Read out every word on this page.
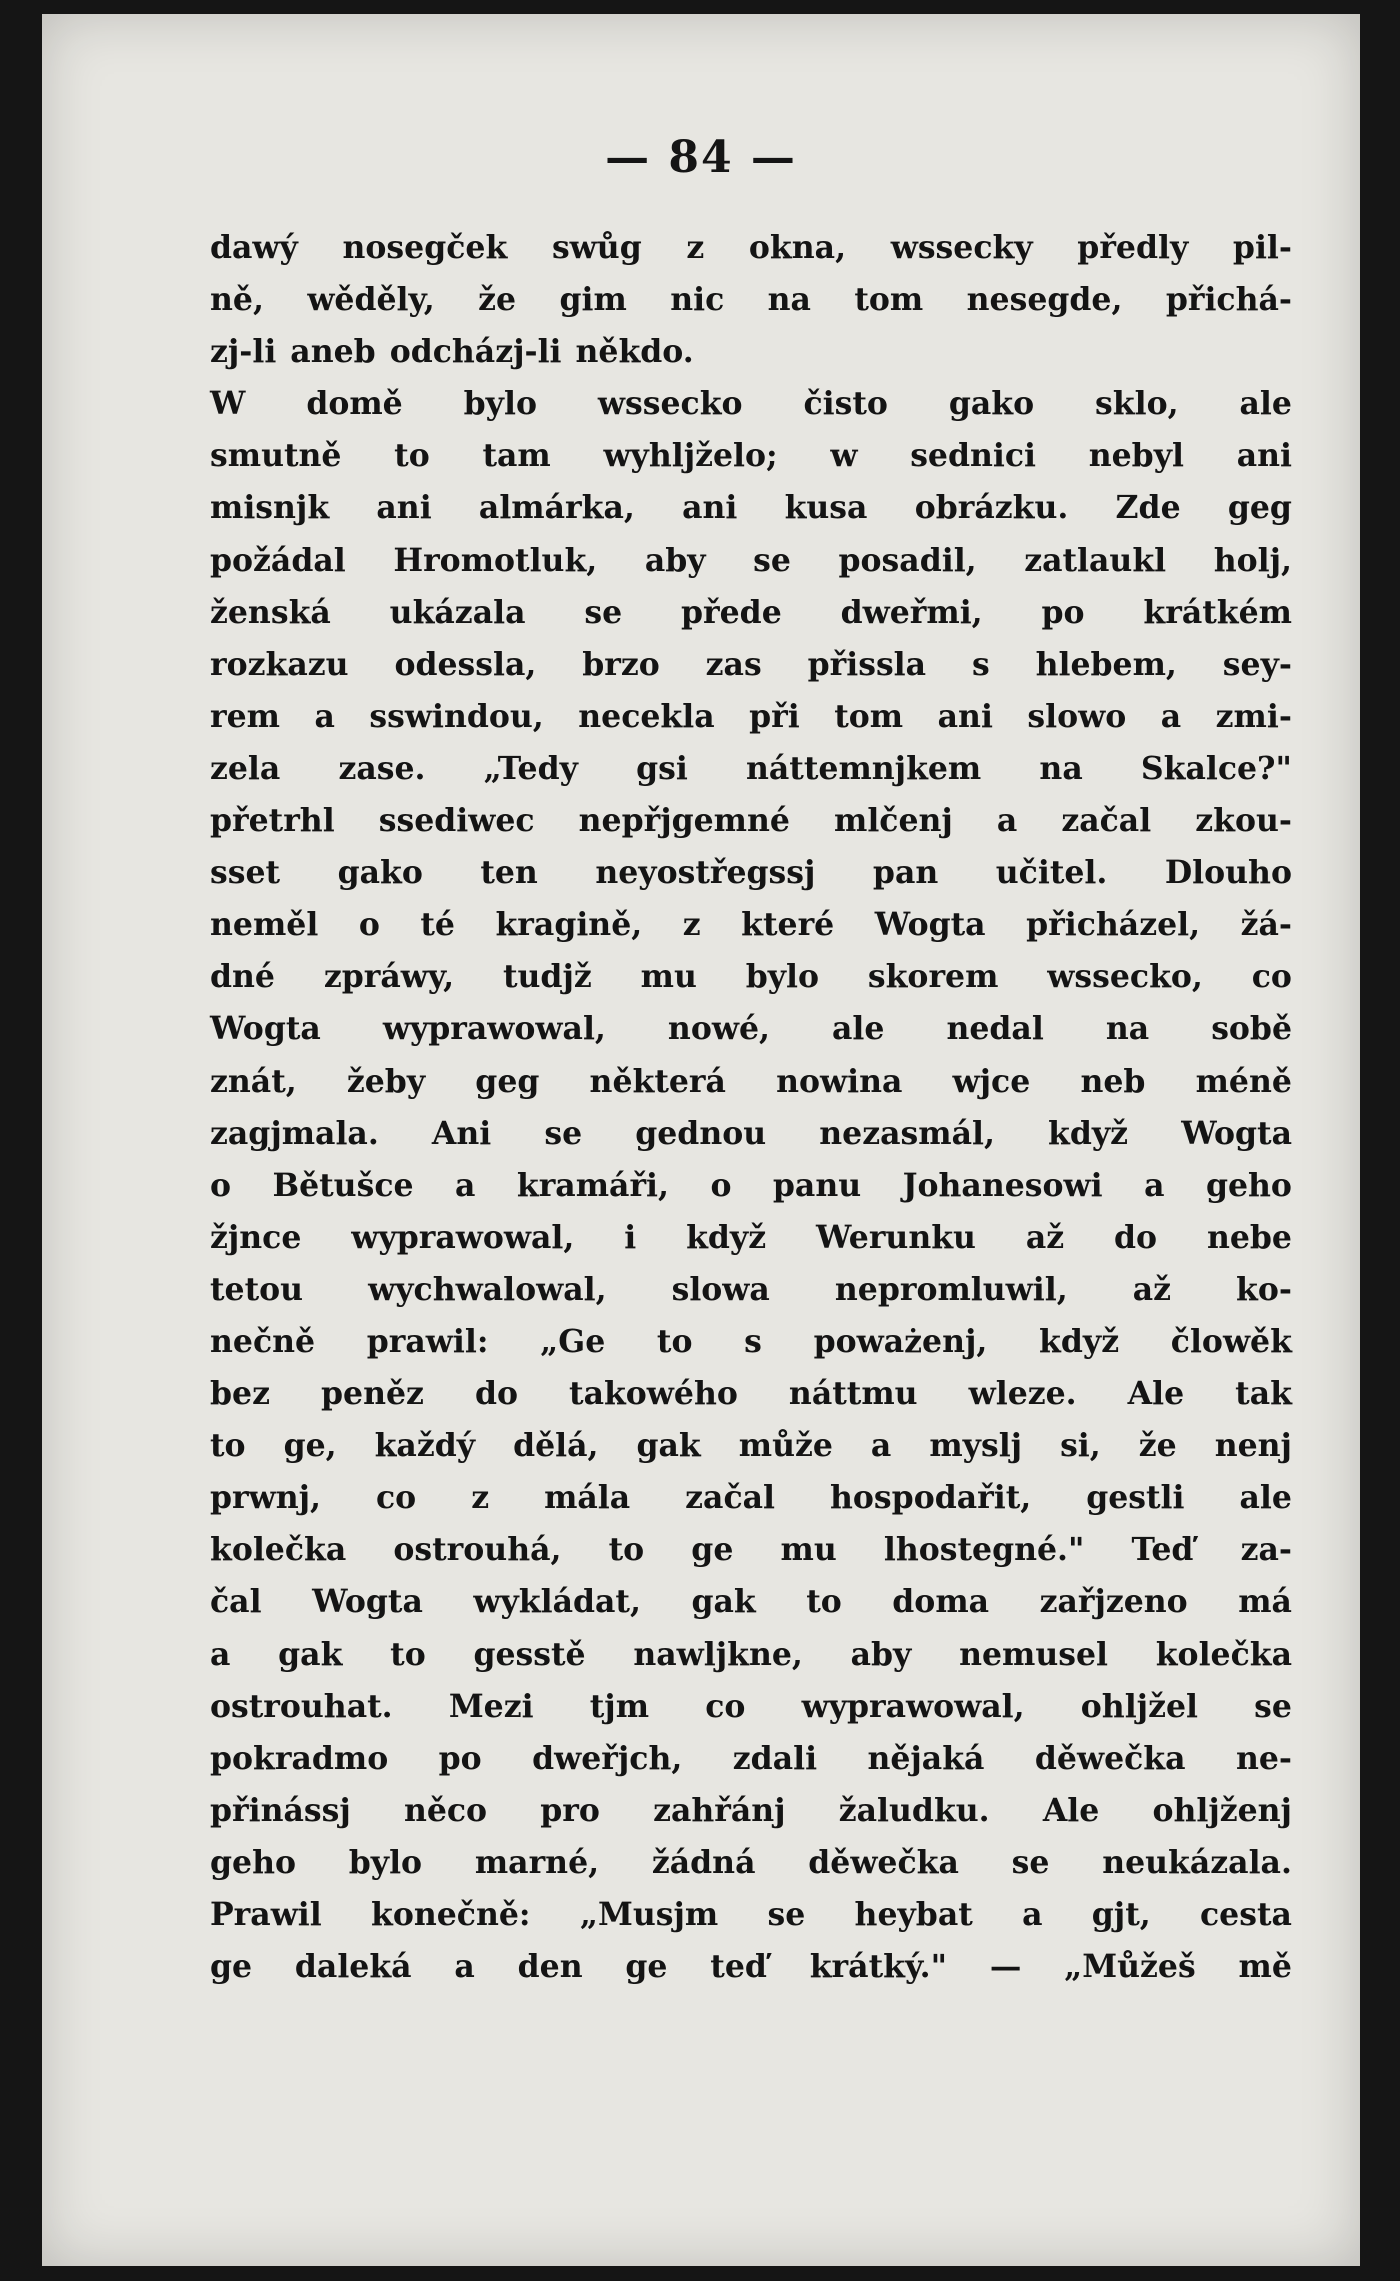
— 84 —
dawý nosegček swůg z okna, wssecky předly pil-
ně, wěděly, že gim nic na tom nesegde, přichá-
zj-li aneb odcházj-li někdo.
W domě bylo wssecko čisto gako sklo, ale
smutně to tam wyhljželo; w sednici nebyl ani
misnjk ani almárka, ani kusa obrázku. Zde geg
požádal Hromotluk, aby se posadil, zatlaukl holj,
ženská ukázala se přede dweřmi, po krátkém
rozkazu odessla, brzo zas přissla s hlebem, sey-
rem a sswindou, necekla při tom ani slowo a zmi-
zela zase. „Tedy gsi náttemnjkem na Skalce?"
přetrhl ssediwec nepřjgemné mlčenj a začal zkou-
sset gako ten neyostřegssj pan učitel. Dlouho
neměl o té kragině, z které Wogta přicházel, žá-
dné zpráwy, tudjž mu bylo skorem wssecko, co
Wogta wyprawowal, nowé, ale nedal na sobě
znát, žeby geg některá nowina wjce neb méně
zagjmala. Ani se gednou nezasmál, když Wogta
o Bětušce a kramáři, o panu Johanesowi a geho
žjnce wyprawowal, i když Werunku až do nebe
tetou wychwalowal, slowa nepromluwil, až ko-
nečně prawil: „Ge to s poważenj, když člowěk
bez peněz do takowého náttmu wleze. Ale tak
to ge, každý dělá, gak může a myslj si, že nenj
prwnj, co z mála začal hospodařit, gestli ale
kolečka ostrouhá, to ge mu lhostegné." Teď za-
čal Wogta wykládat, gak to doma zařjzeno má
a gak to gesstě nawljkne, aby nemusel kolečka
ostrouhat. Mezi tjm co wyprawowal, ohljžel se
pokradmo po dweřjch, zdali nějaká děwečka ne-
přinássj něco pro zahřánj žaludku. Ale ohljženj
geho bylo marné, žádná děwečka se neukázala.
Prawil konečně: „Musjm se heybat a gjt, cesta
ge daleká a den ge teď krátký." — „Můžeš mě
